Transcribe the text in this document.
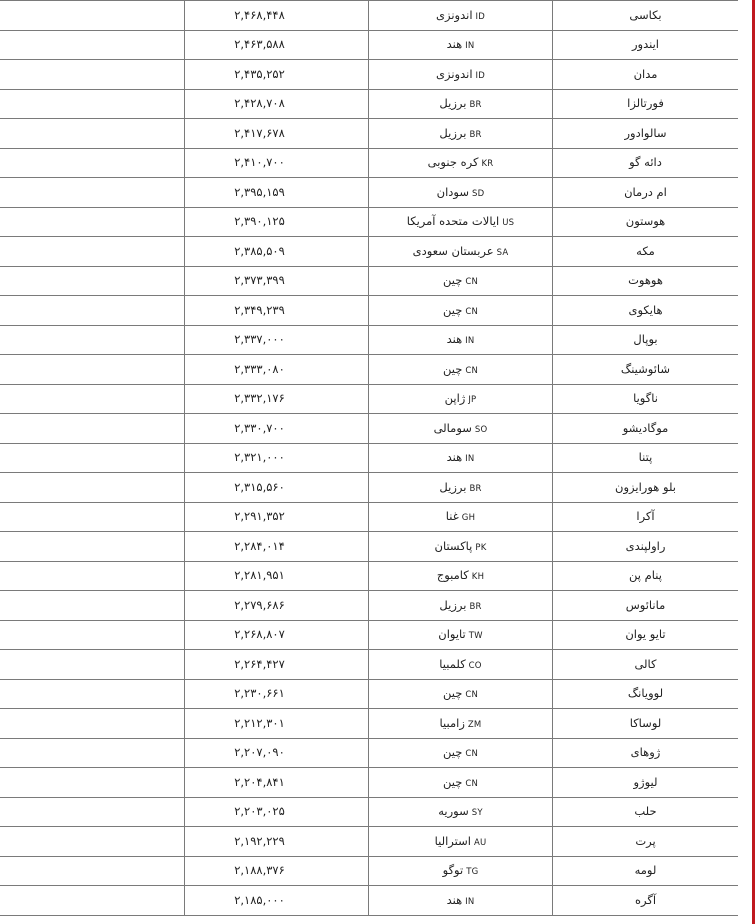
بکاسی	IDاندونزی	۲,۴۶۸,۴۴۸	
ایندور	INهند	۲,۴۶۳,۵۸۸	
مدان	IDاندونزی	۲,۴۳۵,۲۵۲	
فورتالزا	BRبرزیل	۲,۴۲۸,۷۰۸	
سالوادور	BRبرزیل	۲,۴۱۷,۶۷۸	
دائه گو	KRکره جنوبی	۲,۴۱۰,۷۰۰	
ام درمان	SDسودان	۲,۳۹۵,۱۵۹	
هوستون	USایالات متحده آمریکا	۲,۳۹۰,۱۲۵	
مکه	SAعربستان سعودی	۲,۳۸۵,۵۰۹	
هوهوت	CNچین	۲,۳۷۳,۳۹۹	
هایکوی	CNچین	۲,۳۴۹,۲۳۹	
بوپال	INهند	۲,۳۳۷,۰۰۰	
شائوشینگ	CNچین	۲,۳۳۳,۰۸۰	
ناگویا	JPژاپن	۲,۳۳۲,۱۷۶	
موگادیشو	SOسومالی	۲,۳۳۰,۷۰۰	
پتنا	INهند	۲,۳۲۱,۰۰۰	
بلو هورایزون	BRبرزیل	۲,۳۱۵,۵۶۰	
آکرا	GHغنا	۲,۲۹۱,۳۵۲	
راولپندی	PKپاکستان	۲,۲۸۴,۰۱۴	
پنام پن	KHکامبوج	۲,۲۸۱,۹۵۱	
مانائوس	BRبرزیل	۲,۲۷۹,۶۸۶	
تایو یوان	TWتایوان	۲,۲۶۸,۸۰۷	
کالی	COکلمبیا	۲,۲۶۴,۴۲۷	
لوویانگ	CNچین	۲,۲۳۰,۶۶۱	
لوساکا	ZMزامبیا	۲,۲۱۲,۳۰۱	
ژوهای	CNچین	۲,۲۰۷,۰۹۰	
لیوژو	CNچین	۲,۲۰۴,۸۴۱	
حلب	SYسوریه	۲,۲۰۳,۰۲۵	
پرت	AUاسترالیا	۲,۱۹۲,۲۲۹	
لومه	TGتوگو	۲,۱۸۸,۳۷۶	
آگره	INهند	۲,۱۸۵,۰۰۰	
